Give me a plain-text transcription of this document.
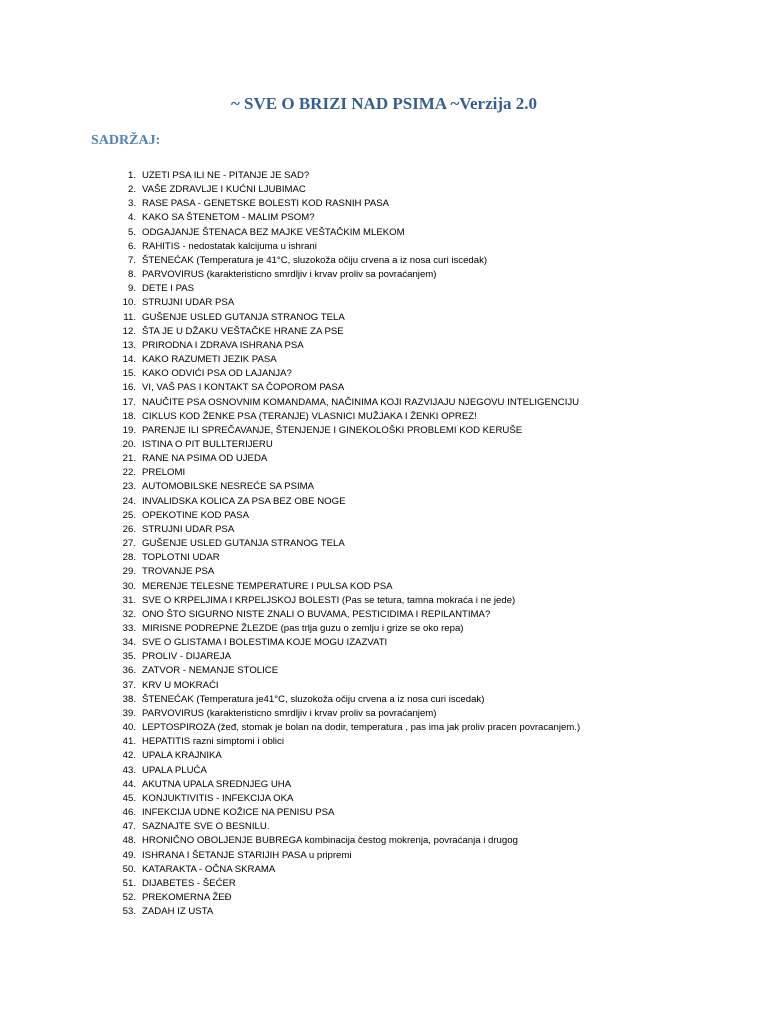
~ SVE O BRIZI NAD PSIMA ~Verzija 2.0
SADRŽAJ:
1. UZETI PSA ILI NE - PITANJE JE SAD?
2. VAŠE ZDRAVLJE I KUĆNI LJUBIMAC
3. RASE PASA - GENETSKE BOLESTI KOD RASNIH PASA
4. KAKO SA ŠTENETOM - MALIM PSOM?
5. ODGAJANJE ŠTENACA BEZ MAJKE VEŠTAČKIM MLEKOM
6. RAHITIS - nedostatak kalcijuma u ishrani
7. ŠTENEĆAK (Temperatura je 41°C, sluzokoža očiju crvena a iz nosa curi iscedak)
8. PARVOVIRUS (karakteristicno smrdljiv i krvav proliv sa povraćanjem)
9. DETE I PAS
10. STRUJNI UDAR PSA
11. GUŠENJE USLED GUTANJA STRANOG TELA
12. ŠTA JE U DŽAKU VEŠTAČKE HRANE ZA PSE
13. PRIRODNA I ZDRAVA ISHRANA PSA
14. KAKO RAZUMETI JEZIK PASA
15. KAKO ODVIĆI PSA OD LAJANJA?
16. VI, VAŠ PAS I KONTAKT SA ČOPOROM PASA
17. NAUČITE PSA OSNOVNIM KOMANDAMA, NAČINIMA KOJI RAZVIJAJU NJEGOVU INTELIGENCIJU
18. CIKLUS KOD ŽENKE PSA (TERANJE) VLASNICI MUŽJAKA I ŽENKI OPREZ!
19. PARENJE ILI SPREČAVANJE, ŠTENJENJE I GINEKOLOŠKI PROBLEMI KOD KERUŠE
20. ISTINA O PIT BULLTERIJERU
21. RANE NA PSIMA OD UJEDA
22. PRELOMI
23. AUTOMOBILSKE NESREĆE SA PSIMA
24. INVALIDSKA KOLICA ZA PSA BEZ OBE NOGE
25. OPEKOTINE KOD PASA
26. STRUJNI UDAR PSA
27. GUŠENJE USLED GUTANJA STRANOG TELA
28. TOPLOTNI UDAR
29. TROVANJE PSA
30. MERENJE TELESNE TEMPERATURE I PULSA KOD PSA
31. SVE O KRPELJIMA I KRPELJSKOJ BOLESTI (Pas se tetura, tamna mokraća i ne jede)
32. ONO ŠTO SIGURNO NISTE ZNALI O BUVAMA, PESTICIDIMA I REPILANTIMA?
33. MIRISNE PODREPNE ŽLEZDE (pas trlja guzu o zemlju i grize se oko repa)
34. SVE O GLISTAMA I BOLESTIMA KOJE MOGU IZAZVATI
35. PROLIV - DIJAREJA
36. ZATVOR - NEMANJE STOLICE
37. KRV U MOKRAĆI
38. ŠTENEĆAK (Temperatura je41°C, sluzokoža očiju crvena a iz nosa curi iscedak)
39. PARVOVIRUS (karakteristicno smrdljiv i krvav proliv sa povraćanjem)
40. LEPTOSPIROZA (žeđ, stomak je bolan na dodir, temperatura , pas ima jak proliv pracen povracanjem.)
41. HEPATITIS razni simptomi i oblici
42. UPALA KRAJNIKA
43. UPALA PLUĆA
44. AKUTNA UPALA SREDNJEG UHA
45. KONJUKTIVITIS - INFEKCIJA OKA
46. INFEKCIJA UDNE KOŽICE NA PENISU PSA
47. SAZNAJTE SVE O BESNILU.
48. HRONIČNO OBOLJENJE BUBREGA kombinacija čestog mokrenja, povraćanja i drugog
49. ISHRANA I ŠETANJE STARIJIH PASA u pripremi
50. KATARAKTA - OČNA SKRAMA
51. DIJABETES - ŠEĆER
52. PREKOMERNA ŽEĐ
53. ZADAH IZ USTA
